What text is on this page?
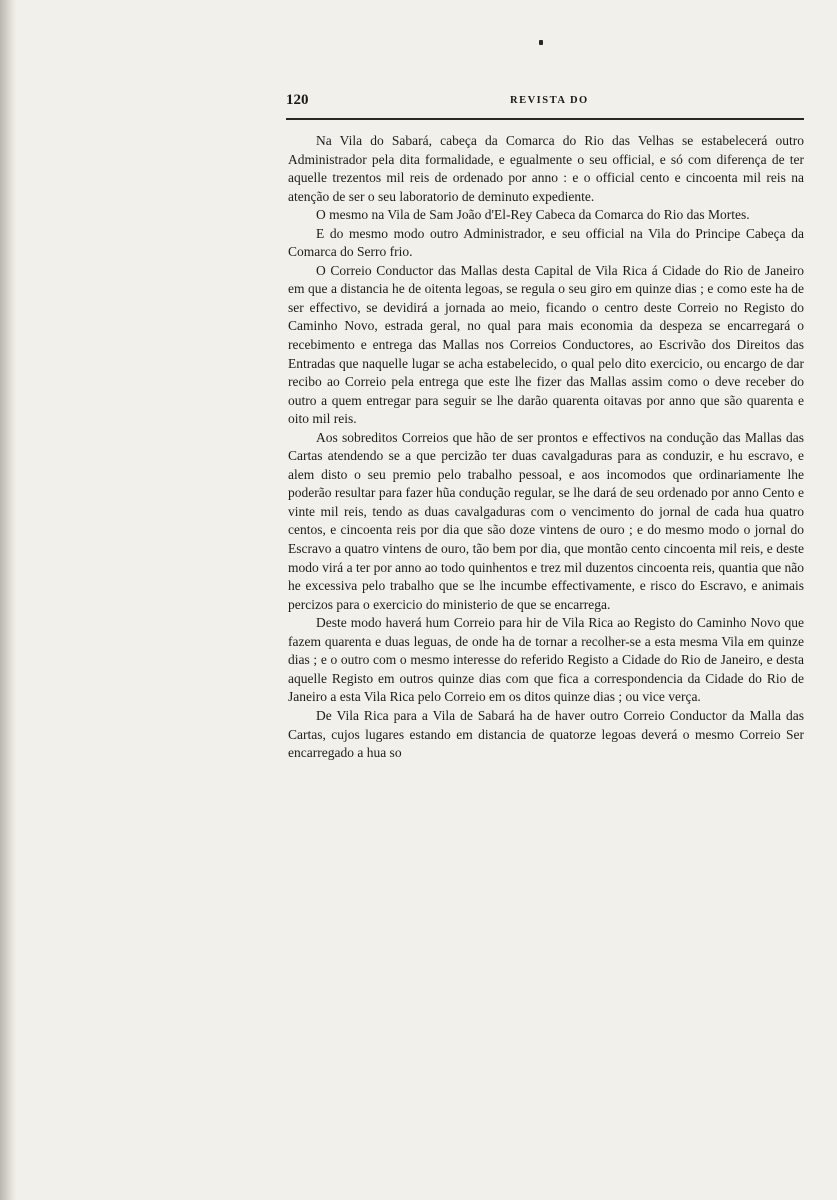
120	REVISTA DO

Na Vila do Sabará, cabeça da Comarca do Rio das Velhas se estabelecerá outro Administrador pela dita formalidade, e egualmente o seu official, e só com diferença de ter aquelle trezentos mil reis de ordenado por anno : e o official cento e cincoenta mil reis na atenção de ser o seu laboratorio de deminuto expediente.

O mesmo na Vila de Sam João d'El-Rey Cabeca da Comarca do Rio das Mortes.

E do mesmo modo outro Administrador, e seu official na Vila do Principe Cabeça da Comarca do Serro frio.

O Correio Conductor das Mallas desta Capital de Vila Rica á Cidade do Rio de Janeiro em que a distancia he de oitenta legoas, se regula o seu giro em quinze dias ; e como este ha de ser effectivo, se devidirá a jornada ao meio, ficando o centro deste Correio no Registo do Caminho Novo, estrada geral, no qual para mais economia da despeza se encarregará o recebimento e entrega das Mallas nos Correios Conductores, ao Escrivão dos Direitos das Entradas que naquelle lugar se acha estabelecido, o qual pelo dito exercicio, ou encargo de dar recibo ao Correio pela entrega que este lhe fizer das Mallas assim como o deve receber do outro a quem entregar para seguir se lhe darão quarenta oitavas por anno que são quarenta e oito mil reis.

Aos sobreditos Correios que hão de ser prontos e effectivos na condução das Mallas das Cartas atendendo se a que percizão ter duas cavalgaduras para as conduzir, e hu escravo, e alem disto o seu premio pelo trabalho pessoal, e aos incomodos que ordinariamente lhe poderão resultar para fazer hũa condução regular, se lhe dará de seu ordenado por anno Cento e vinte mil reis, tendo as duas cavalgaduras com o vencimento do jornal de cada hua quatro centos, e cincoenta reis por dia que são doze vintens de ouro ; e do mesmo modo o jornal do Escravo a quatro vintens de ouro, tão bem por dia, que montão cento cincoenta mil reis, e deste modo virá a ter por anno ao todo quinhentos e trez mil duzentos cincoenta reis, quantia que não he excessiva pelo trabalho que se lhe incumbe effectivamente, e risco do Escravo, e animais percizos para o exercicio do ministerio de que se encarrega.

Deste modo haverá hum Correio para hir de Vila Rica ao Registo do Caminho Novo que fazem quarenta e duas leguas, de onde ha de tornar a recolher-se a esta mesma Vila em quinze dias ; e o outro com o mesmo interesse do referido Registo a Cidade do Rio de Janeiro, e desta aquelle Registo em outros quinze dias com que fica a correspondencia da Cidade do Rio de Janeiro a esta Vila Rica pelo Correio em os ditos quinze dias ; ou vice verça.

De Vila Rica para a Vila de Sabará ha de haver outro Correio Conductor da Malla das Cartas, cujos lugares estando em distancia de quatorze legoas deverá o mesmo Correio Ser encarregado a hua so
